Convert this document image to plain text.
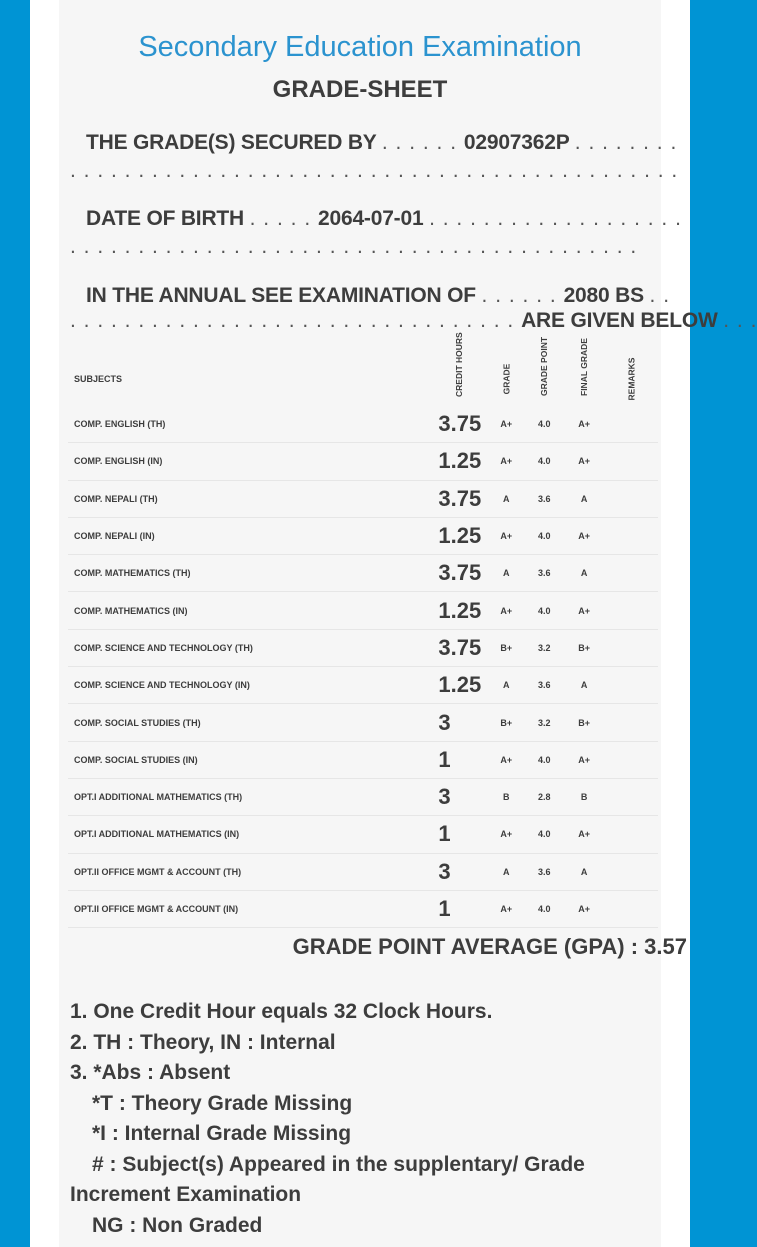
Secondary Education Examination
GRADE-SHEET
THE GRADE(S) SECURED BY . . . . . . 02907362P . . . . . . . .
. . . . . . . . . . . . . . . . . . . . . . . . . . . . . . . . . . . . . . . . . . . . .
DATE OF BIRTH . . . . . 2064-07-01 . . . . . . . . . . . . . . . . . . .
. . . . . . . . . . . . . . . . . . . . . . . . . . . . . . . . . . . . . . . . . .
IN THE ANNUAL SEE EXAMINATION OF . . . . . . 2080 BS . .
. . . . . . . . . . . . . . . . . . . . . . . . . . . . . . . . . ARE GIVEN BELOW . . .
SUBJECTS	CREDIT HOURS	GRADE	GRADE POINT	FINAL GRADE	REMARKS
COMP. ENGLISH (TH)	3.75	A+	4.0	A+	
COMP. ENGLISH (IN)	1.25	A+	4.0	A+	
COMP. NEPALI (TH)	3.75	A	3.6	A	
COMP. NEPALI (IN)	1.25	A+	4.0	A+	
COMP. MATHEMATICS (TH)	3.75	A	3.6	A	
COMP. MATHEMATICS (IN)	1.25	A+	4.0	A+	
COMP. SCIENCE AND TECHNOLOGY (TH)	3.75	B+	3.2	B+	
COMP. SCIENCE AND TECHNOLOGY (IN)	1.25	A	3.6	A	
COMP. SOCIAL STUDIES (TH)	3	B+	3.2	B+	
COMP. SOCIAL STUDIES (IN)	1	A+	4.0	A+	
OPT.I ADDITIONAL MATHEMATICS (TH)	3	B	2.8	B	
OPT.I ADDITIONAL MATHEMATICS (IN)	1	A+	4.0	A+	
OPT.II OFFICE MGMT & ACCOUNT (TH)	3	A	3.6	A	
OPT.II OFFICE MGMT & ACCOUNT (IN)	1	A+	4.0	A+	
GRADE POINT AVERAGE (GPA) : 3.57
1. One Credit Hour equals 32 Clock Hours.
2. TH : Theory, IN : Internal
3. *Abs : Absent
*T : Theory Grade Missing
*I : Internal Grade Missing
# : Subject(s) Appeared in the supplentary/ Grade
Increment Examination
NG : Non Graded
